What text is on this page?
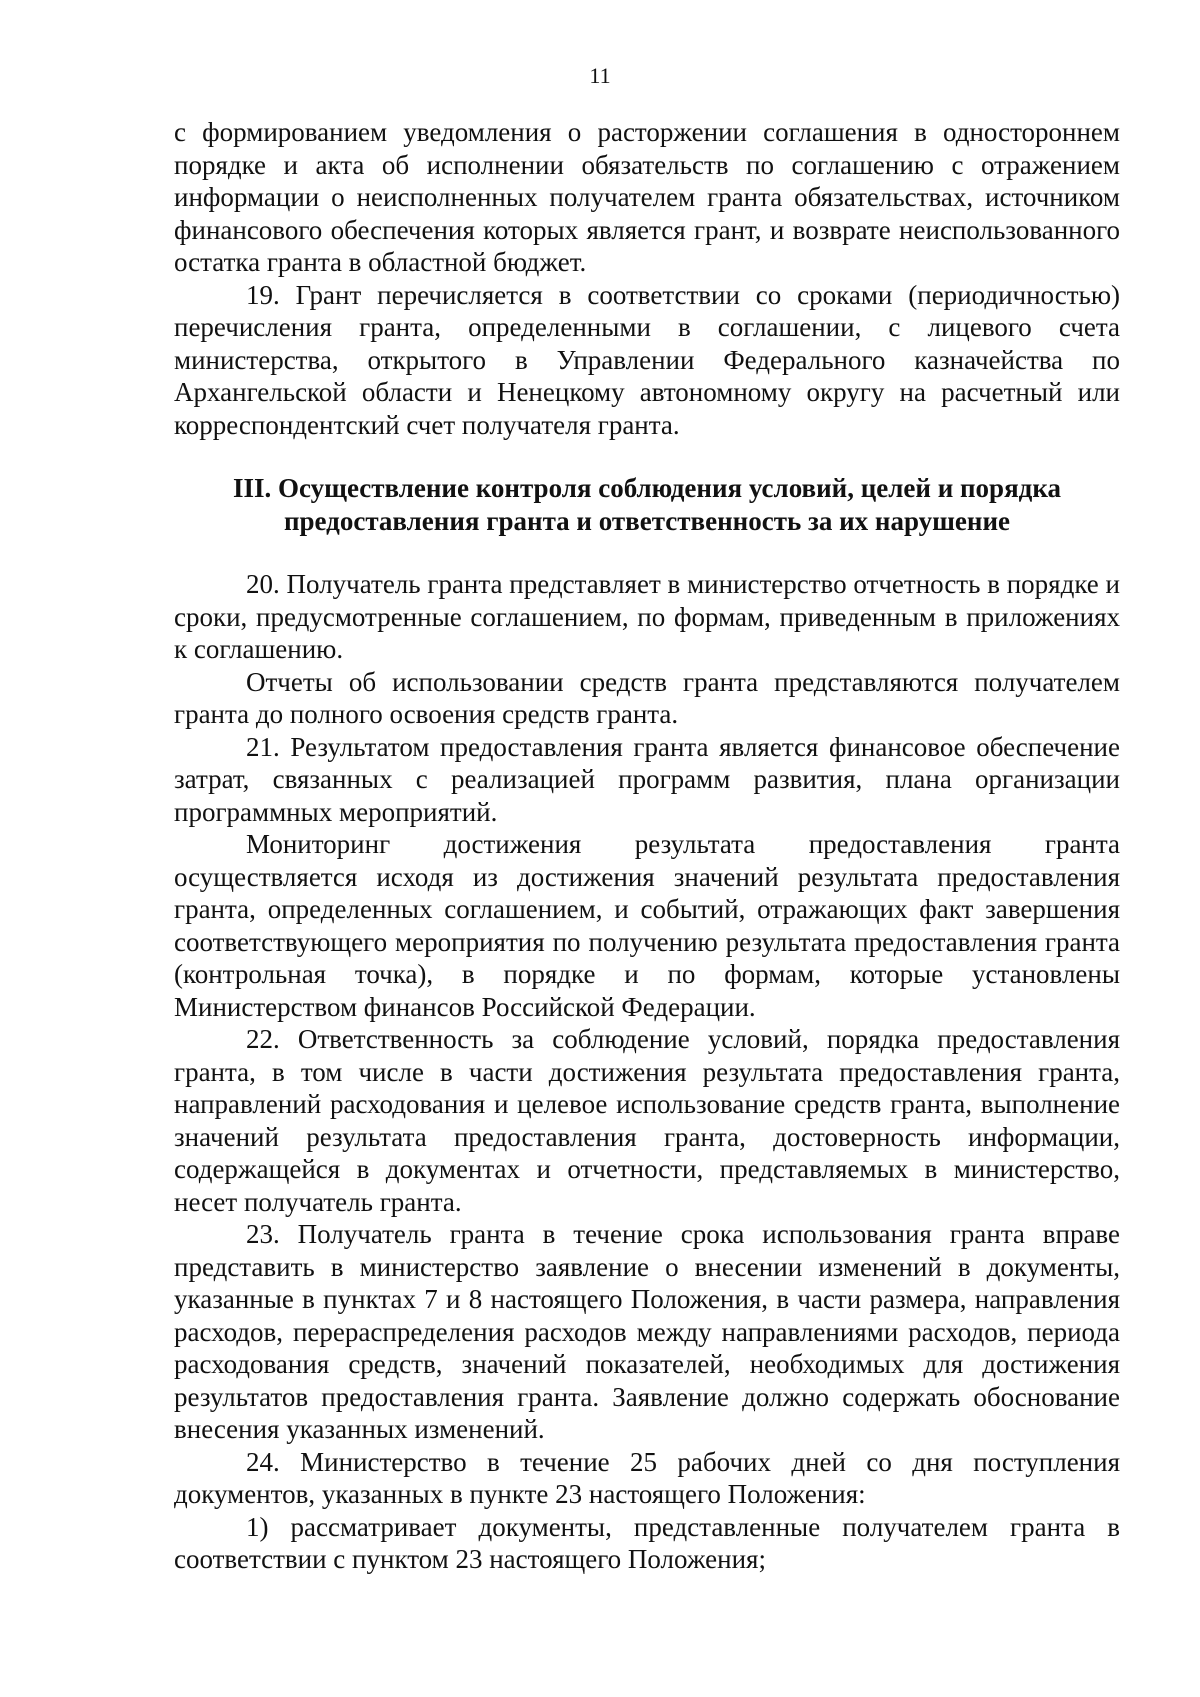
11

с формированием уведомления о расторжении соглашения в одностороннем порядке и акта об исполнении обязательств по соглашению с отражением информации о неисполненных получателем гранта обязательствах, источником финансового обеспечения которых является грант, и возврате неиспользованного остатка гранта в областной бюджет.

19. Грант перечисляется в соответствии со сроками (периодичностью) перечисления гранта, определенными в соглашении, с лицевого счета министерства, открытого в Управлении Федерального казначейства по Архангельской области и Ненецкому автономному округу на расчетный или корреспондентский счет получателя гранта.

III. Осуществление контроля соблюдения условий, целей и порядка
предоставления гранта и ответственность за их нарушение

20. Получатель гранта представляет в министерство отчетность в порядке и сроки, предусмотренные соглашением, по формам, приведенным в приложениях к соглашению.

Отчеты об использовании средств гранта представляются получателем гранта до полного освоения средств гранта.

21. Результатом предоставления гранта является финансовое обеспечение затрат, связанных с реализацией программ развития, плана организации программных мероприятий.

Мониторинг достижения результата предоставления гранта осуществляется исходя из достижения значений результата предоставления гранта, определенных соглашением, и событий, отражающих факт завершения соответствующего мероприятия по получению результата предоставления гранта (контрольная точка), в порядке и по формам, которые установлены Министерством финансов Российской Федерации.

22. Ответственность за соблюдение условий, порядка предоставления гранта, в том числе в части достижения результата предоставления гранта, направлений расходования и целевое использование средств гранта, выполнение значений результата предоставления гранта, достоверность информации, содержащейся в документах и отчетности, представляемых в министерство, несет получатель гранта.

23. Получатель гранта в течение срока использования гранта вправе представить в министерство заявление о внесении изменений в документы, указанные в пунктах 7 и 8 настоящего Положения, в части размера, направления расходов, перераспределения расходов между направлениями расходов, периода расходования средств, значений показателей, необходимых для достижения результатов предоставления гранта. Заявление должно содержать обоснование внесения указанных изменений.

24. Министерство в течение 25 рабочих дней со дня поступления документов, указанных в пункте 23 настоящего Положения:

1) рассматривает документы, представленные получателем гранта в соответствии с пунктом 23 настоящего Положения;
